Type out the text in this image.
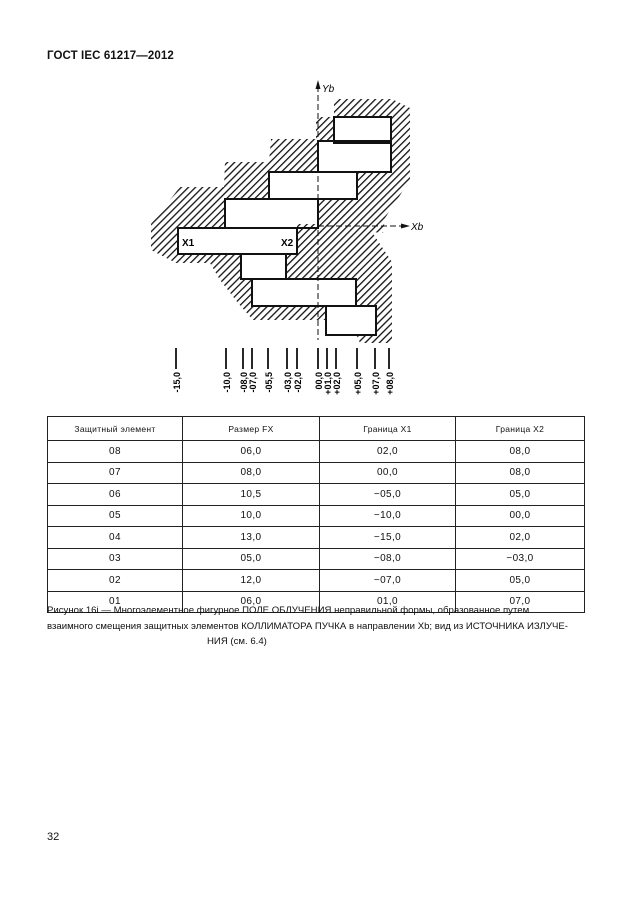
ГОСТ IEC 61217—2012
Yb
Xb
X1	X2
-15,0	-10,0 -08,0 -07,0 -05,5 -03,0 -02,0 00,0 +01,0 +02,0 +05,0 +07,0 +08,0
Защитный элемент	Размер FX	Граница X1	Граница X2
08	06,0	02,0	08,0
07	08,0	00,0	08,0
06	10,5	−05,0	05,0
05	10,0	−10,0	00,0
04	13,0	−15,0	02,0
03	05,0	−08,0	−03,0
02	12,0	−07,0	05,0
01	06,0	01,0	07,0
Рисунок 16i — Многоэлементное фигурное ПОЛЕ ОБЛУЧЕНИЯ неправильной формы, образованное путем
взаимного смещения защитных элементов КОЛЛИМАТОРА ПУЧКА в направлении Xb; вид из ИСТОЧНИКА ИЗЛУЧЕ-
НИЯ (см. 6.4)
32
